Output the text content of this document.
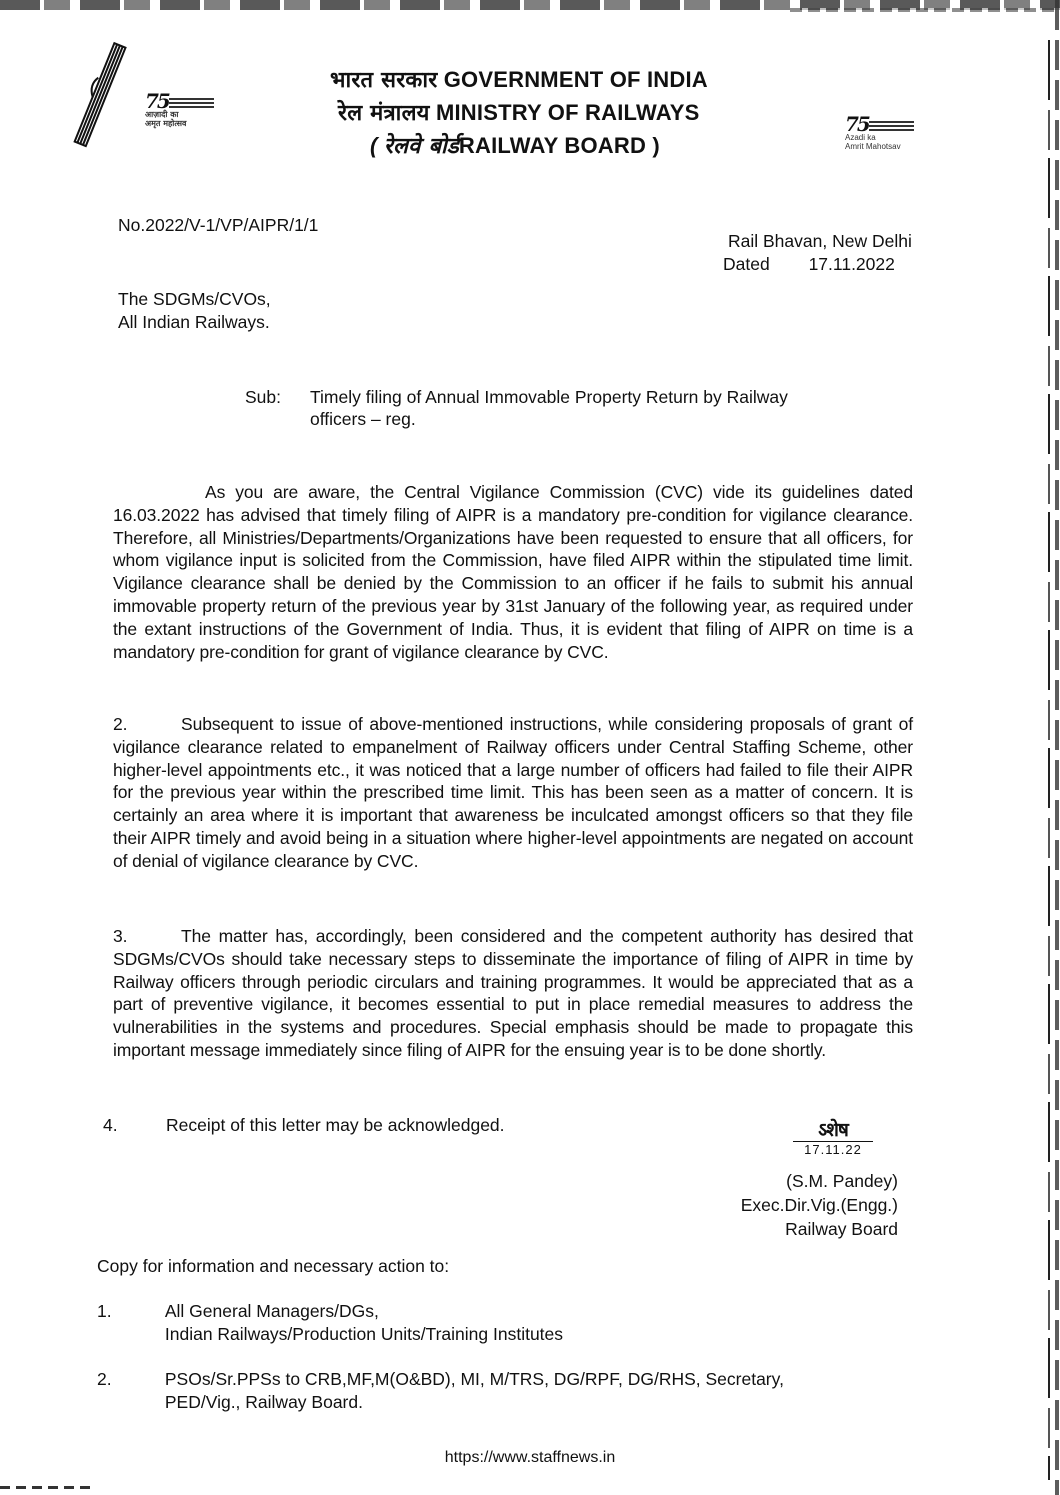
75
आज़ादी का
अमृत महोत्सव	75
Azadi ka
Amrit Mahotsav
भारत सरकार GOVERNMENT OF INDIA
रेल मंत्रालय MINISTRY OF RAILWAYS
( रेलवे बोर्डRAILWAY BOARD )
No.2022/V-1/VP/AIPR/1/1
Rail Bhavan, New Delhi
Dated 17.11.2022
The SDGMs/CVOs,
All Indian Railways.
Sub: Timely filing of Annual Immovable Property Return by Railway officers – reg.
As you are aware, the Central Vigilance Commission (CVC) vide its guidelines dated 16.03.2022 has advised that timely filing of AIPR is a mandatory pre-condition for vigilance clearance. Therefore, all Ministries/Departments/Organizations have been requested to ensure that all officers, for whom vigilance input is solicited from the Commission, have filed AIPR within the stipulated time limit. Vigilance clearance shall be denied by the Commission to an officer if he fails to submit his annual immovable property return of the previous year by 31st January of the following year, as required under the extant instructions of the Government of India. Thus, it is evident that filing of AIPR on time is a mandatory pre-condition for grant of vigilance clearance by CVC.
2.	Subsequent to issue of above-mentioned instructions, while considering proposals of grant of vigilance clearance related to empanelment of Railway officers under Central Staffing Scheme, other higher-level appointments etc., it was noticed that a large number of officers had failed to file their AIPR for the previous year within the prescribed time limit. This has been seen as a matter of concern. It is certainly an area where it is important that awareness be inculcated amongst officers so that they file their AIPR timely and avoid being in a situation where higher-level appointments are negated on account of denial of vigilance clearance by CVC.
3.	The matter has, accordingly, been considered and the competent authority has desired that SDGMs/CVOs should take necessary steps to disseminate the importance of filing of AIPR in time by Railway officers through periodic circulars and training programmes. It would be appreciated that as a part of preventive vigilance, it becomes essential to put in place remedial measures to address the vulnerabilities in the systems and procedures. Special emphasis should be made to propagate this important message immediately since filing of AIPR for the ensuing year is to be done shortly.
4.	Receipt of this letter may be acknowledged.	ऽशेष
17.11.22
(S.M. Pandey)
Exec.Dir.Vig.(Engg.)
Railway Board
Copy for information and necessary action to:
1.	All General Managers/DGs,
Indian Railways/Production Units/Training Institutes
2.	PSOs/Sr.PPSs to CRB,MF,M(O&BD), MI, M/TRS, DG/RPF, DG/RHS, Secretary,
PED/Vig., Railway Board.
https://www.staffnews.in
